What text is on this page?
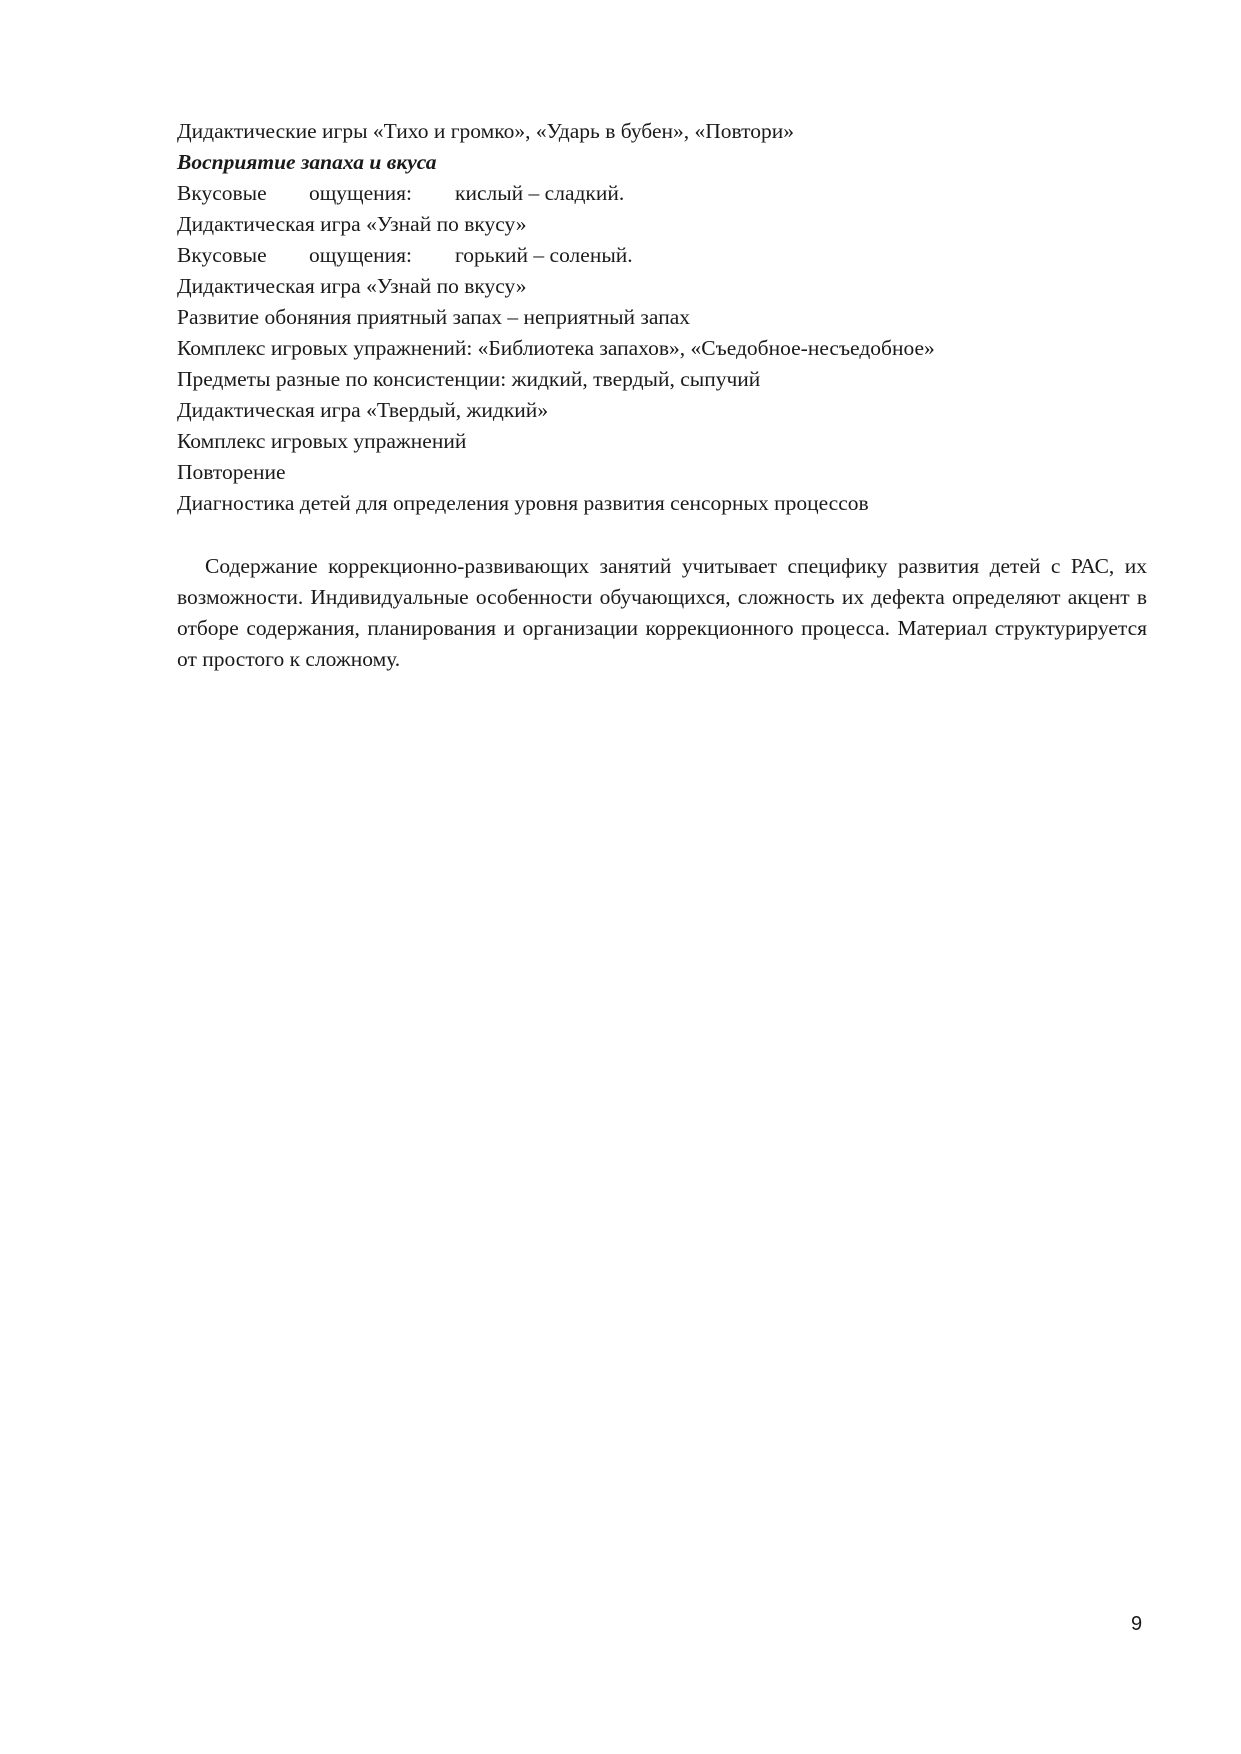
Дидактические игры «Тихо и громко», «Ударь в бубен», «Повтори»
Восприятие запаха и вкуса
Вкусовые ощущения: кислый – сладкий.
Дидактическая игра «Узнай по вкусу»
Вкусовые ощущения: горький – соленый.
Дидактическая игра «Узнай по вкусу»
Развитие обоняния приятный запах – неприятный запах
Комплекс игровых упражнений: «Библиотека запахов», «Съедобное-несъедобное»
Предметы разные по консистенции: жидкий, твердый, сыпучий
Дидактическая игра «Твердый, жидкий»
Комплекс игровых упражнений
Повторение
Диагностика детей для определения уровня развития сенсорных процессов

Содержание коррекционно-развивающих занятий учитывает специфику развития детей с РАС, их возможности. Индивидуальные особенности обучающихся, сложность их дефекта определяют акцент в отборе содержания, планирования и организации коррекционного процесса. Материал структурируется от простого к сложному.

9
